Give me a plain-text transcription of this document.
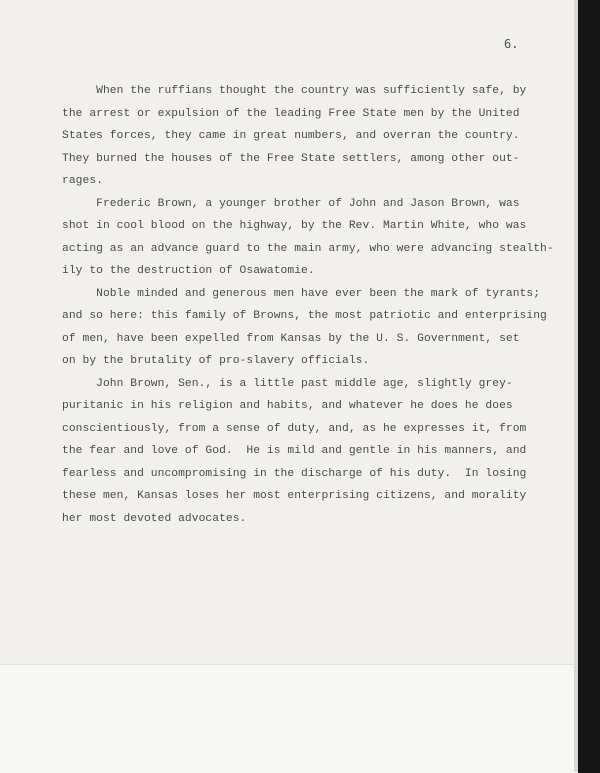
6.
When the ruffians thought the country was sufficiently safe, by
the arrest or expulsion of the leading Free State men by the United
States forces, they came in great numbers, and overran the country.
They burned the houses of the Free State settlers, among other out-
rages.
Frederic Brown, a younger brother of John and Jason Brown, was
shot in cool blood on the highway, by the Rev. Martin White, who was
acting as an advance guard to the main army, who were advancing stealth-
ily to the destruction of Osawatomie.
Noble minded and generous men have ever been the mark of tyrants;
and so here: this family of Browns, the most patriotic and enterprising
of men, have been expelled from Kansas by the U. S. Government, set
on by the brutality of pro-slavery officials.
John Brown, Sen., is a little past middle age, slightly grey-
puritanic in his religion and habits, and whatever he does he does
conscientiously, from a sense of duty, and, as he expresses it, from
the fear and love of God.  He is mild and gentle in his manners, and
fearless and uncompromising in the discharge of his duty.  In losing
these men, Kansas loses her most enterprising citizens, and morality
her most devoted advocates.
